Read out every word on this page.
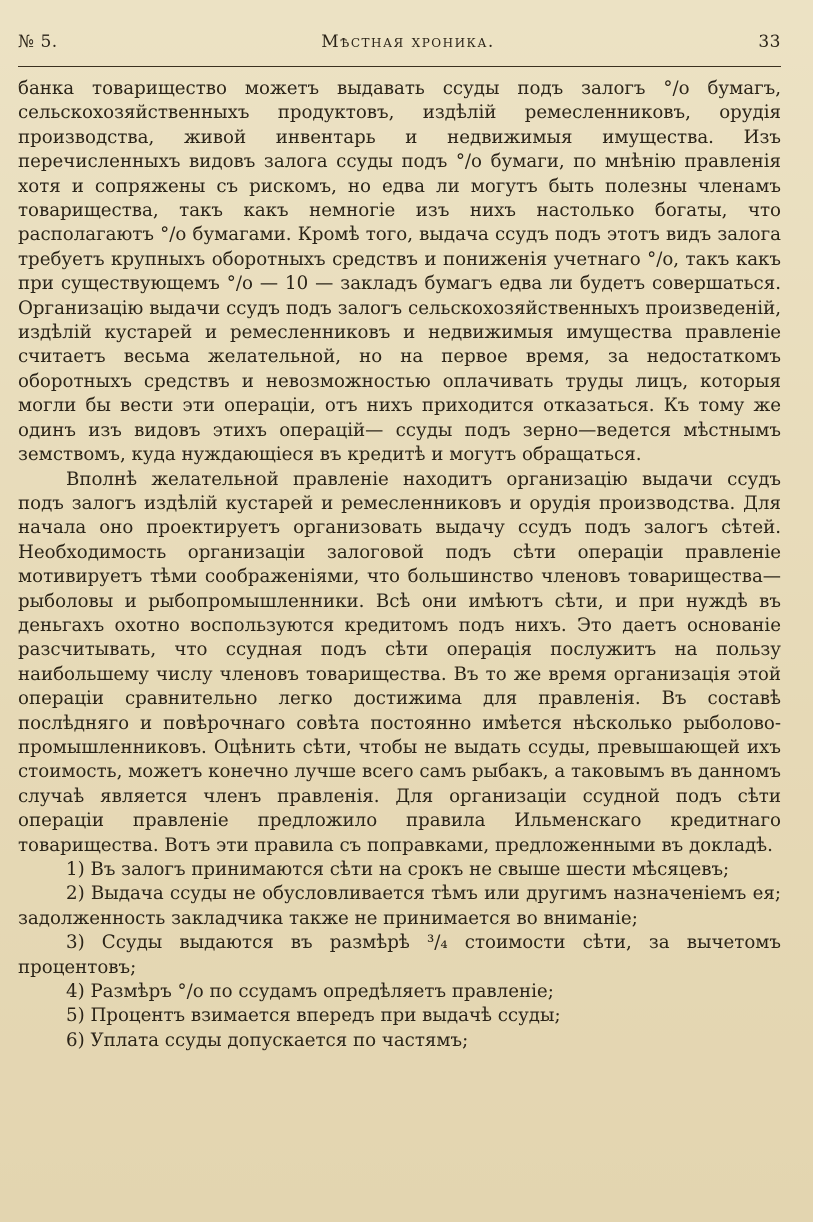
№ 5.	Мѣстная хроника.	33

банка товарищество можетъ выдавать ссуды подъ залогъ °/о бумагъ, сельскохозяйственныхъ продуктовъ, издѣлій ремесленниковъ, орудія производства, живой инвентарь и недвижимыя имущества. Изъ перечисленныхъ видовъ залога ссуды подъ °/о бумаги, по мнѣнію правленія хотя и сопряжены съ рискомъ, но едва ли могутъ быть полезны членамъ товарищества, такъ какъ немногіе изъ нихъ настолько богаты, что располагаютъ °/о бумагами. Кромѣ того, выдача ссудъ подъ этотъ видъ залога требуетъ крупныхъ оборотныхъ средствъ и пониженія учетнаго °/о, такъ какъ при существующемъ °/о — 10 — закладъ бумагъ едва ли будетъ совершаться. Организацію выдачи ссудъ подъ залогъ сельскохозяйственныхъ произведеній, издѣлій кустарей и ремесленниковъ и недвижимыя имущества правленіе считаетъ весьма желательной, но на первое время, за недостаткомъ оборотныхъ средствъ и невозможностью оплачивать труды лицъ, которыя могли бы вести эти операціи, отъ нихъ приходится отказаться. Къ тому же одинъ изъ видовъ этихъ операцій— ссуды подъ зерно—ведется мѣстнымъ земствомъ, куда нуждающіеся въ кредитѣ и могутъ обращаться.

Вполнѣ желательной правленіе находитъ организацію выдачи ссудъ подъ залогъ издѣлій кустарей и ремесленниковъ и орудія производства. Для начала оно проектируетъ организовать выдачу ссудъ подъ залогъ сѣтей. Необходимость организаціи залоговой подъ сѣти операціи правленіе мотивируетъ тѣми соображеніями, что большинство членовъ товарищества—рыболовы и рыбопромышленники. Всѣ они имѣютъ сѣти, и при нуждѣ въ деньгахъ охотно воспользуются кредитомъ подъ нихъ. Это даетъ основаніе разсчитывать, что ссудная подъ сѣти операція послужитъ на пользу наибольшему числу членовъ товарищества. Въ то же время организація этой операціи сравнительно легко достижима для правленія. Въ составѣ послѣдняго и повѣрочнаго совѣта постоянно имѣется нѣсколько рыболово-промышленниковъ. Оцѣнить сѣти, чтобы не выдать ссуды, превышающей ихъ стоимость, можетъ конечно лучше всего самъ рыбакъ, а таковымъ въ данномъ случаѣ является членъ правленія. Для организаціи ссудной подъ сѣти операціи правленіе предложило правила Ильменскаго кредитнаго товарищества. Вотъ эти правила съ поправками, предложенными въ докладѣ.

1) Въ залогъ принимаются сѣти на срокъ не свыше шести мѣсяцевъ;

2) Выдача ссуды не обусловливается тѣмъ или другимъ назначеніемъ ея; задолженность закладчика также не принимается во вниманіе;

3) Ссуды выдаются въ размѣрѣ ³/₄ стоимости сѣти, за вычетомъ процентовъ;

4) Размѣръ °/о по ссудамъ опредѣляетъ правленіе;

5) Процентъ взимается впередъ при выдачѣ ссуды;

6) Уплата ссуды допускается по частямъ;
